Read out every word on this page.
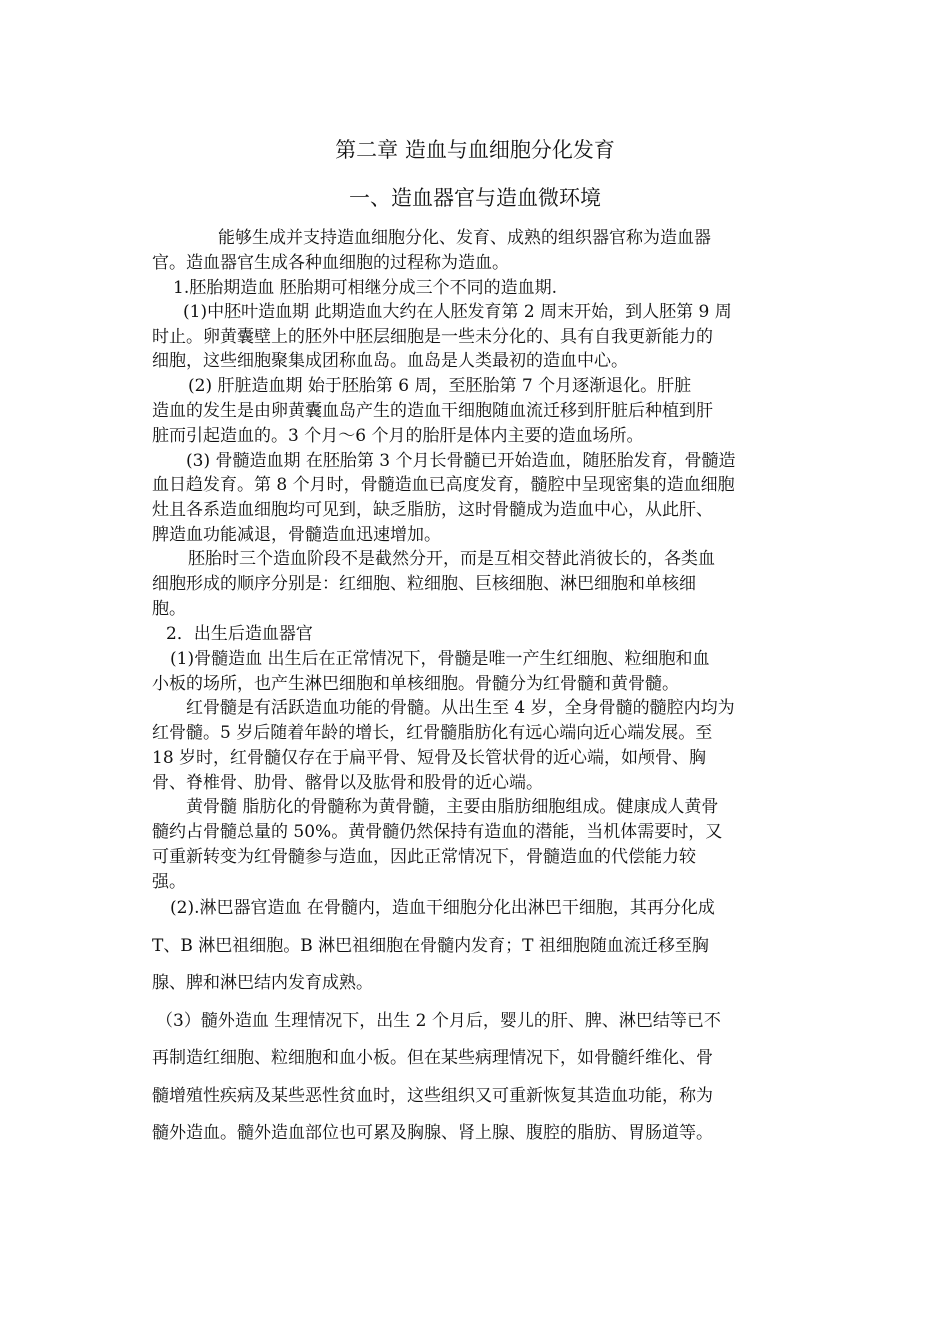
第二章 造血与血细胞分化发育
一、造血器官与造血微环境
能够生成并支持造血细胞分化、发育、成熟的组织器官称为造血器
官。造血器官生成各种血细胞的过程称为造血。
1.胚胎期造血 胚胎期可相继分成三个不同的造血期.
(1)中胚叶造血期 此期造血大约在人胚发育第 2 周末开始，到人胚第 9 周
时止。卵黄囊壁上的胚外中胚层细胞是一些未分化的、具有自我更新能力的
细胞，这些细胞聚集成团称血岛。血岛是人类最初的造血中心。
(2) 肝脏造血期 始于胚胎第 6 周，至胚胎第 7 个月逐渐退化。肝脏
造血的发生是由卵黄囊血岛产生的造血干细胞随血流迁移到肝脏后种植到肝
脏而引起造血的。3 个月～6 个月的胎肝是体内主要的造血场所。
(3) 骨髓造血期 在胚胎第 3 个月长骨髓已开始造血，随胚胎发育，骨髓造
血日趋发育。第 8 个月时，骨髓造血已高度发育，髓腔中呈现密集的造血细胞
灶且各系造血细胞均可见到，缺乏脂肪，这时骨髓成为造血中心，从此肝、
脾造血功能减退，骨髓造血迅速增加。
胚胎时三个造血阶段不是截然分开，而是互相交替此消彼长的，各类血
细胞形成的顺序分别是：红细胞、粒细胞、巨核细胞、淋巴细胞和单核细
胞。
2．出生后造血器官
(1)骨髓造血 出生后在正常情况下，骨髓是唯一产生红细胞、粒细胞和血
小板的场所，也产生淋巴细胞和单核细胞。骨髓分为红骨髓和黄骨髓。
红骨髓是有活跃造血功能的骨髓。从出生至 4 岁，全身骨髓的髓腔内均为
红骨髓。5 岁后随着年龄的增长，红骨髓脂肪化有远心端向近心端发展。至
18 岁时，红骨髓仅存在于扁平骨、短骨及长管状骨的近心端，如颅骨、胸
骨、脊椎骨、肋骨、髂骨以及肱骨和股骨的近心端。
黄骨髓 脂肪化的骨髓称为黄骨髓，主要由脂肪细胞组成。健康成人黄骨
髓约占骨髓总量的 50%。黄骨髓仍然保持有造血的潜能，当机体需要时，又
可重新转变为红骨髓参与造血，因此正常情况下，骨髓造血的代偿能力较
强。
(2).淋巴器官造血 在骨髓内，造血干细胞分化出淋巴干细胞，其再分化成
T、B 淋巴祖细胞。B 淋巴祖细胞在骨髓内发育；T 祖细胞随血流迁移至胸
腺、脾和淋巴结内发育成熟。
（3）髓外造血 生理情况下，出生 2 个月后，婴儿的肝、脾、淋巴结等已不
再制造红细胞、粒细胞和血小板。但在某些病理情况下，如骨髓纤维化、骨
髓增殖性疾病及某些恶性贫血时，这些组织又可重新恢复其造血功能，称为
髓外造血。髓外造血部位也可累及胸腺、肾上腺、腹腔的脂肪、胃肠道等。
